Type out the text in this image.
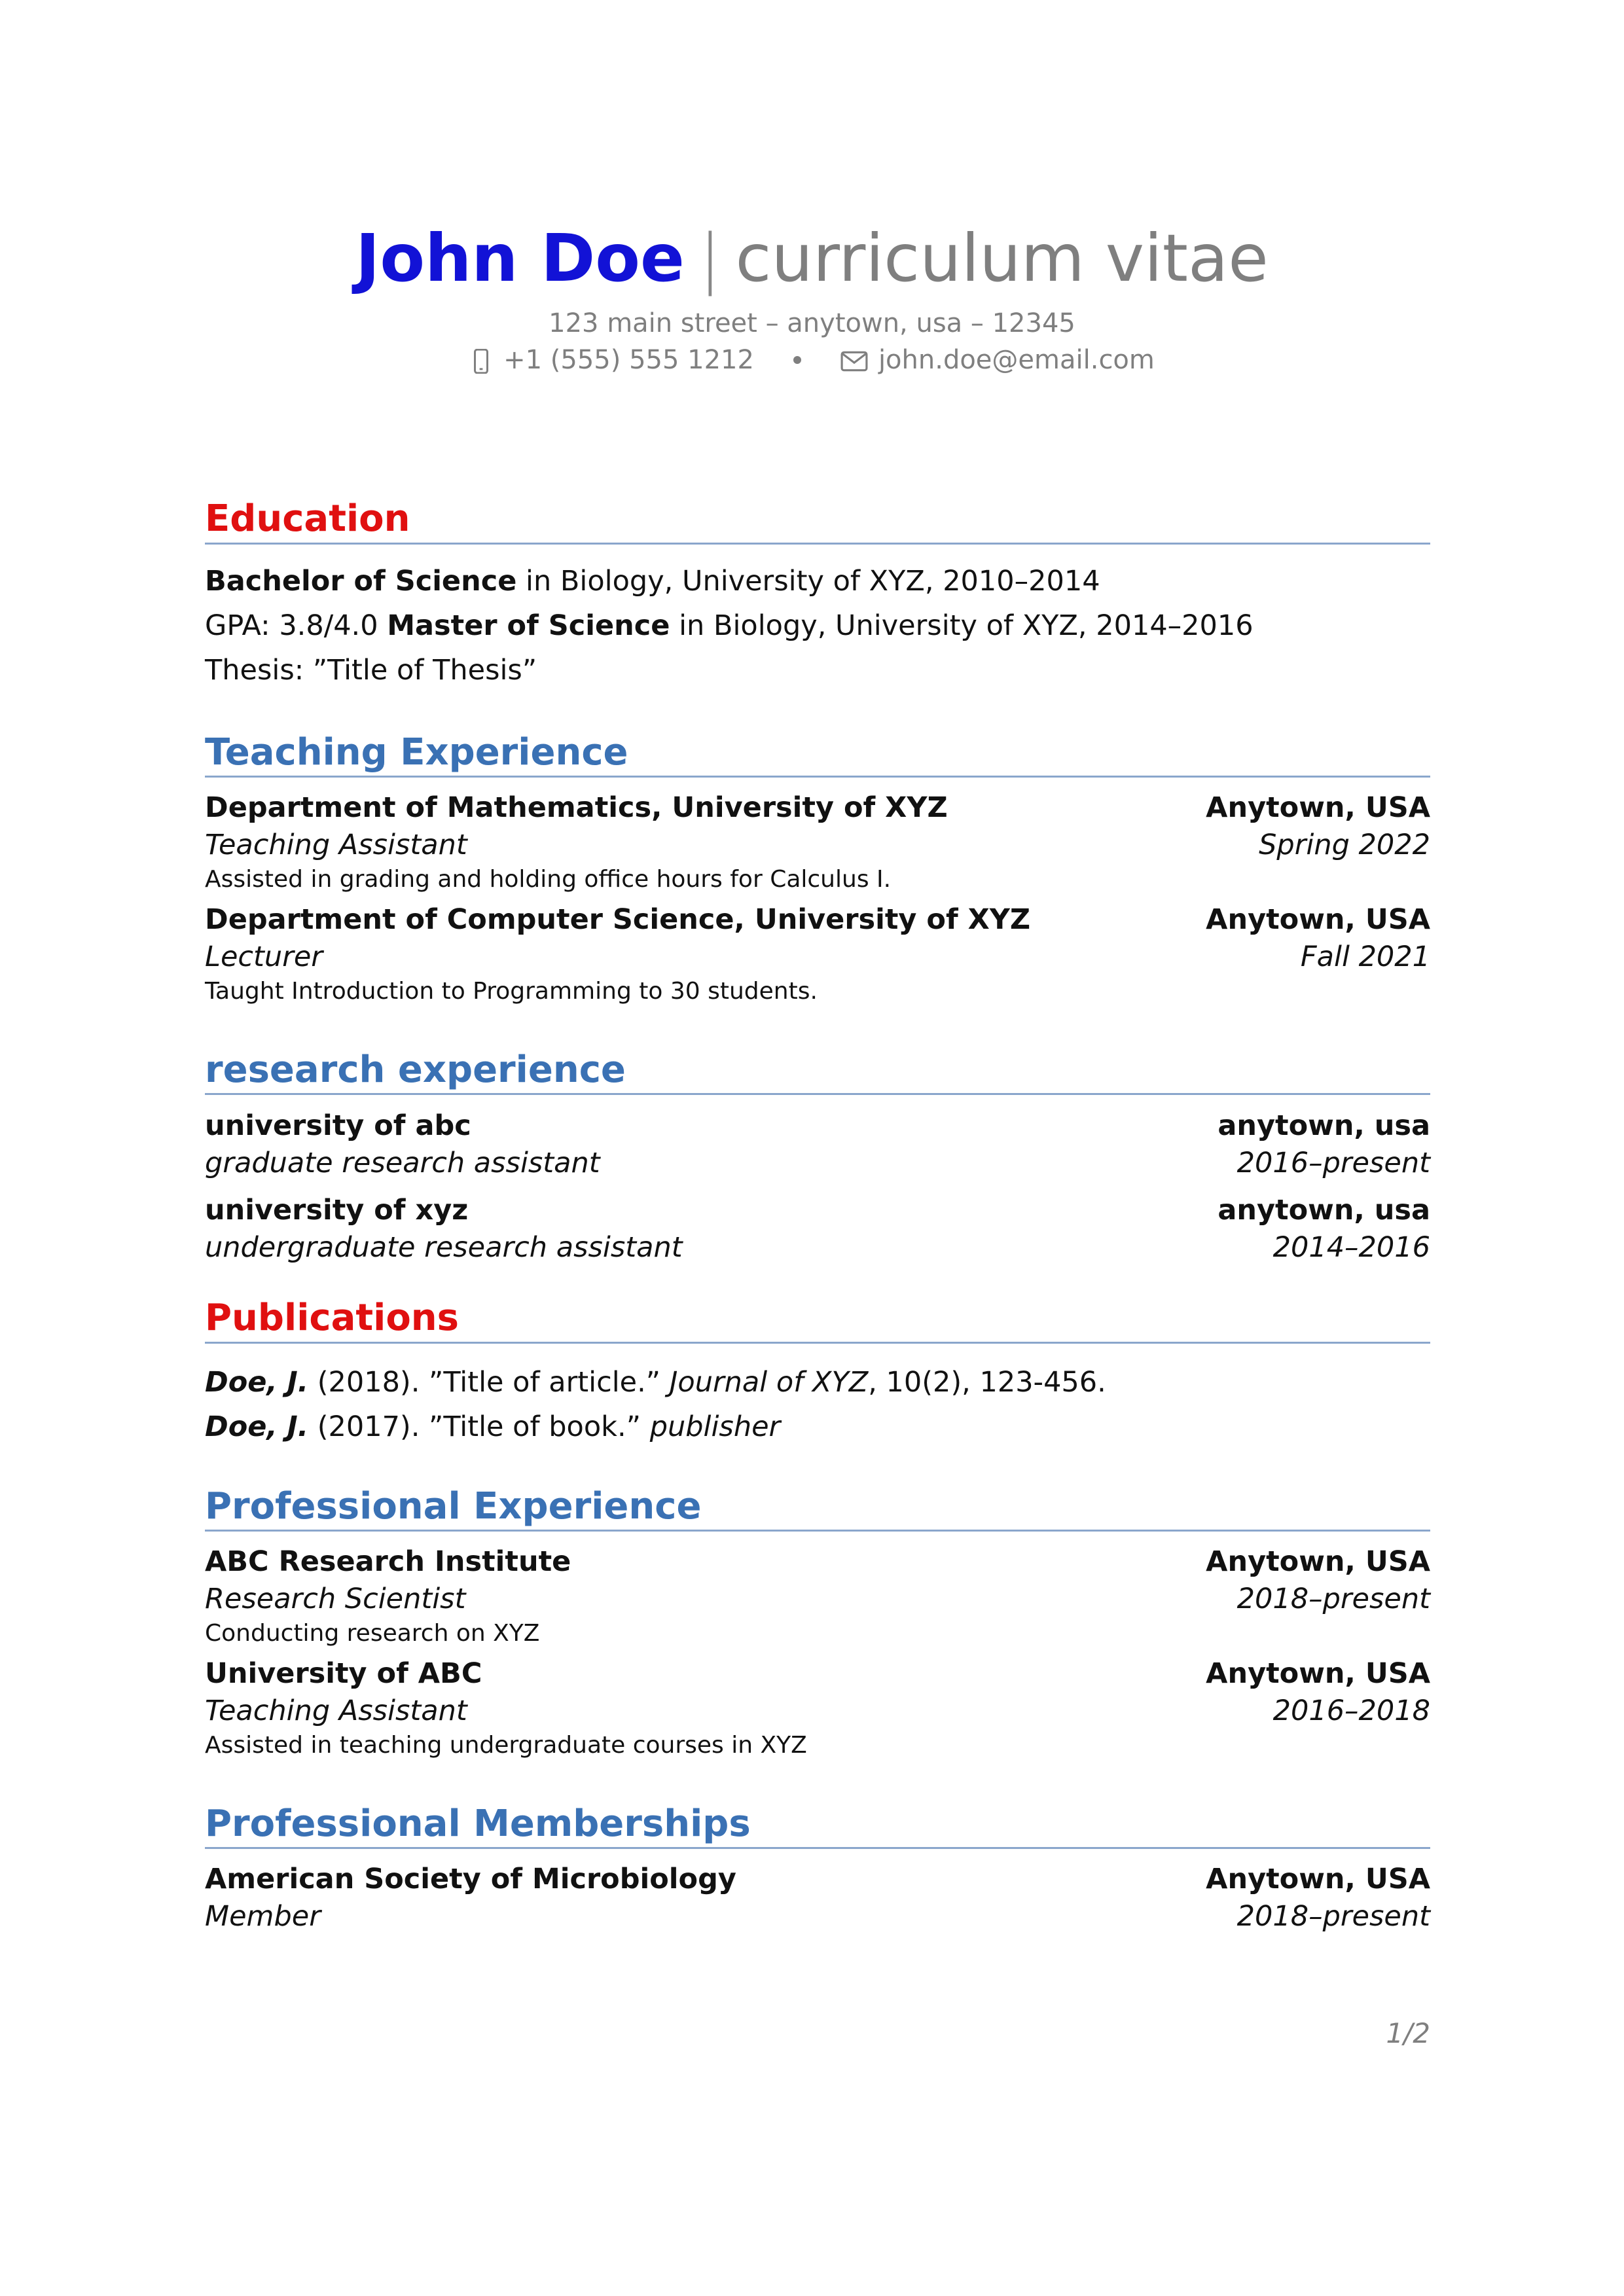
John Doe | curriculum vitae
123 main street – anytown, usa – 12345
+1 (555) 555 1212	john.doe@email.com
Education
Bachelor of Science in Biology, University of XYZ, 2010–2014
GPA: 3.8/4.0 Master of Science in Biology, University of XYZ, 2014–2016
Thesis: ”Title of Thesis”
Teaching Experience
Department of Mathematics, University of XYZ	Anytown, USA
Teaching Assistant	Spring 2022
Assisted in grading and holding office hours for Calculus I.
Department of Computer Science, University of XYZ	Anytown, USA
Lecturer	Fall 2021
Taught Introduction to Programming to 30 students.
research experience
university of abc	anytown, usa
graduate research assistant	2016–present
university of xyz	anytown, usa
undergraduate research assistant	2014–2016
Publications
Doe, J. (2018). ”Title of article.” Journal of XYZ, 10(2), 123-456.
Doe, J. (2017). ”Title of book.” publisher
Professional Experience
ABC Research Institute	Anytown, USA
Research Scientist	2018–present
Conducting research on XYZ
University of ABC	Anytown, USA
Teaching Assistant	2016–2018
Assisted in teaching undergraduate courses in XYZ
Professional Memberships
American Society of Microbiology	Anytown, USA
Member	2018–present
1/2
